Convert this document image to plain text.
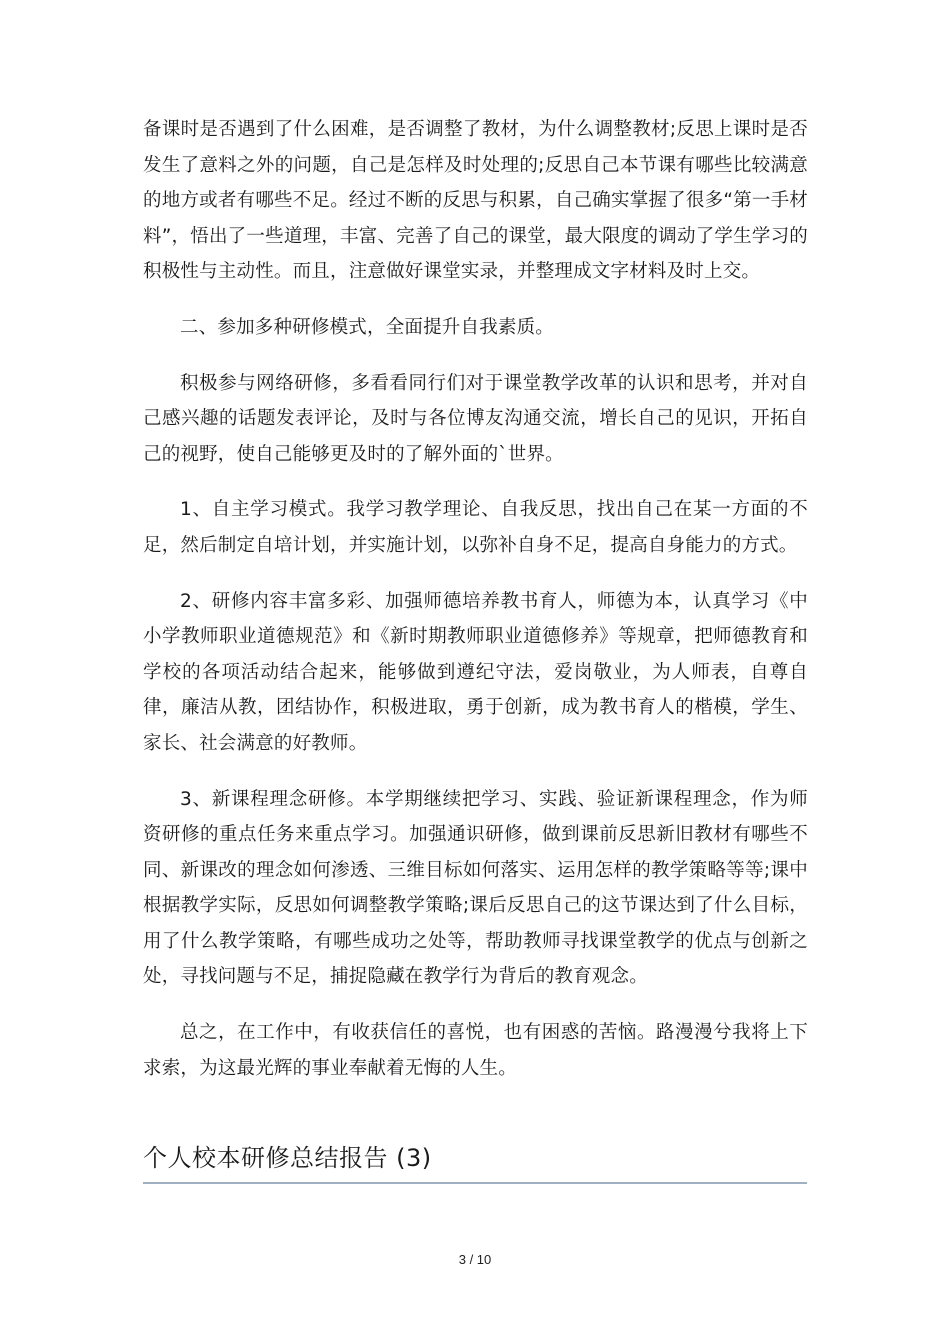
备课时是否遇到了什么困难，是否调整了教材，为什么调整教材;反思上课时是否发生了意料之外的问题，自己是怎样及时处理的;反思自己本节课有哪些比较满意的地方或者有哪些不足。经过不断的反思与积累，自己确实掌握了很多“第一手材料”，悟出了一些道理，丰富、完善了自己的课堂，最大限度的调动了学生学习的积极性与主动性。而且，注意做好课堂实录，并整理成文字材料及时上交。

二、参加多种研修模式，全面提升自我素质。

积极参与网络研修，多看看同行们对于课堂教学改革的认识和思考，并对自己感兴趣的话题发表评论，及时与各位博友沟通交流，增长自己的见识，开拓自己的视野，使自己能够更及时的了解外面的`世界。

1、自主学习模式。我学习教学理论、自我反思，找出自己在某一方面的不足，然后制定自培计划，并实施计划，以弥补自身不足，提高自身能力的方式。

2、研修内容丰富多彩、加强师德培养教书育人，师德为本，认真学习《中小学教师职业道德规范》和《新时期教师职业道德修养》等规章，把师德教育和学校的各项活动结合起来，能够做到遵纪守法，爱岗敬业，为人师表，自尊自律，廉洁从教，团结协作，积极进取，勇于创新，成为教书育人的楷模，学生、家长、社会满意的好教师。

3、新课程理念研修。本学期继续把学习、实践、验证新课程理念，作为师资研修的重点任务来重点学习。加强通识研修，做到课前反思新旧教材有哪些不同、新课改的理念如何渗透、三维目标如何落实、运用怎样的教学策略等等;课中根据教学实际，反思如何调整教学策略;课后反思自己的这节课达到了什么目标，用了什么教学策略，有哪些成功之处等，帮助教师寻找课堂教学的优点与创新之处，寻找问题与不足，捕捉隐藏在教学行为背后的教育观念。

总之，在工作中，有收获信任的喜悦，也有困惑的苦恼。路漫漫兮我将上下求索，为这最光辉的事业奉献着无悔的人生。

个人校本研修总结报告 (3)
3 / 10
